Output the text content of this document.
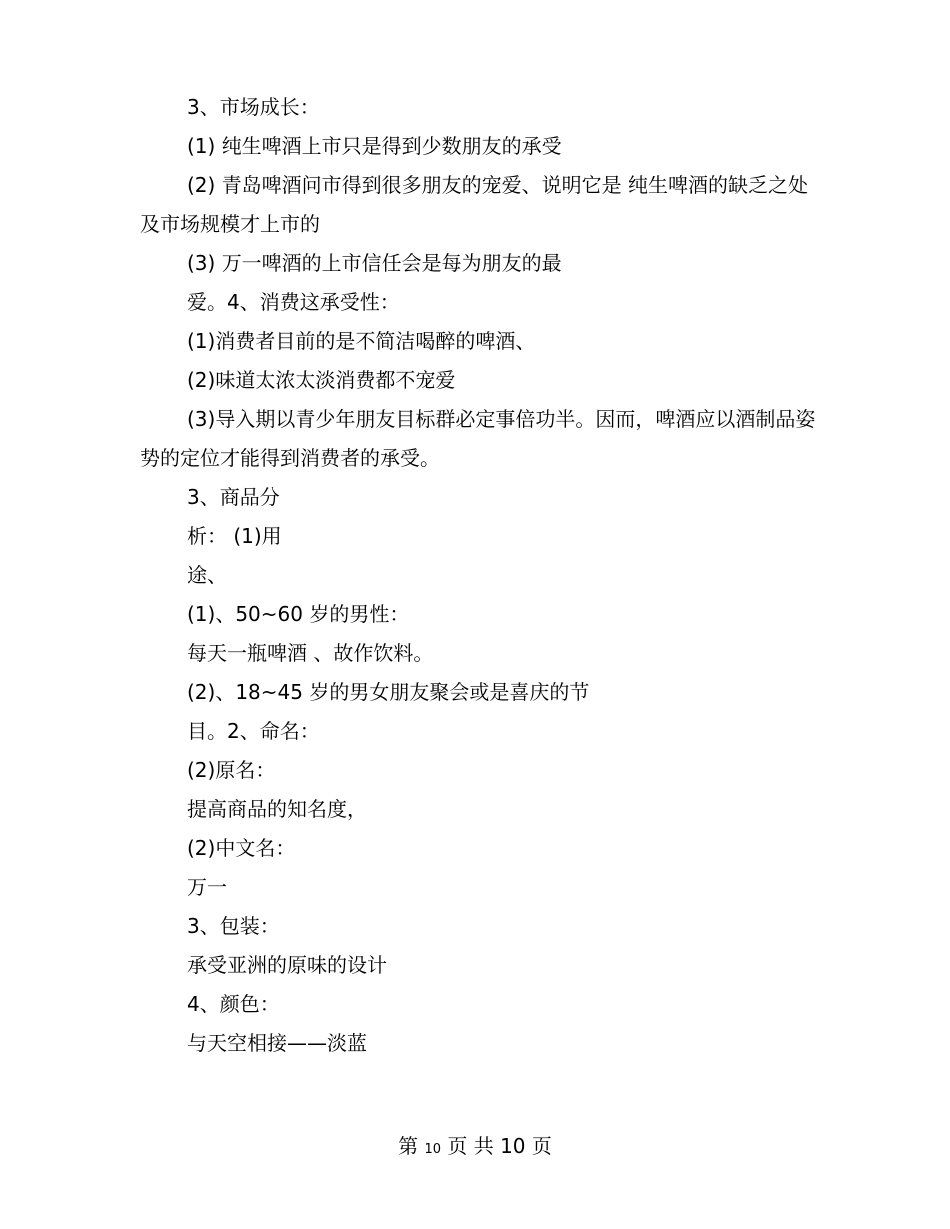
3、市场成长：

(1) 纯生啤酒上市只是得到少数朋友的承受

(2) 青岛啤酒问市得到很多朋友的宠爱、说明它是 纯生啤酒的缺乏之处及市场规模才上市的

(3) 万一啤酒的上市信任会是每为朋友的最

爱。4、消费这承受性：

(1)消费者目前的是不简洁喝醉的啤酒、

(2)味道太浓太淡消费都不宠爱

(3)导入期以青少年朋友目标群必定事倍功半。因而，啤酒应以酒制品姿势的定位才能得到消费者的承受。

3、商品分

析： (1)用

途、

(1)、50~60 岁的男性：

每天一瓶啤酒 、故作饮料。

(2)、18~45 岁的男女朋友聚会或是喜庆的节

目。2、命名：

(2)原名：

提高商品的知名度，

(2)中文名：

万一

3、包装：

承受亚洲的原味的设计

4、颜色：

与天空相接——淡蓝

第 10 页 共 10 页
